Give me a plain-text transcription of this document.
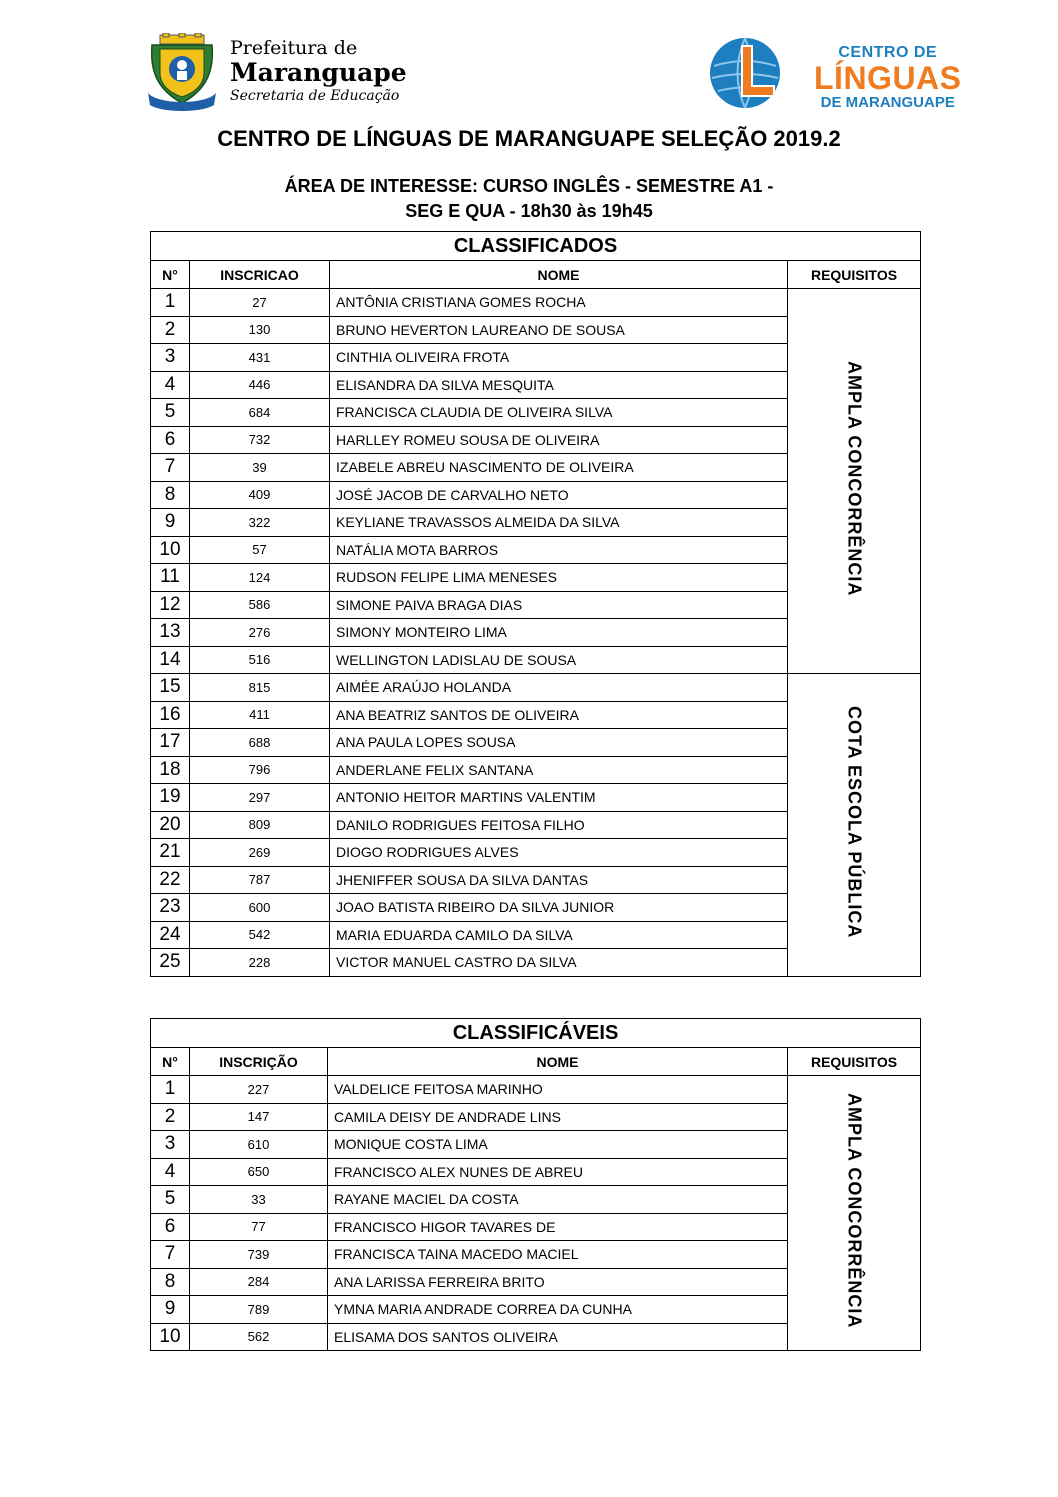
Prefeitura de
Maranguape
Secretaria de Educação
CENTRO DE
LÍNGUAS
DE MARANGUAPE
CENTRO DE LÍNGUAS DE MARANGUAPE SELEÇÃO 2019.2
ÁREA DE INTERESSE: CURSO INGLÊS - SEMESTRE A1 -
SEG E QUA - 18h30 às 19h45
CLASSIFICADOS			
N°	INSCRICAO	NOME	REQUISITOS
1	27	ANTÔNIA CRISTIANA GOMES ROCHA	AMPLA CONCORRÊNCIA
2	130	BRUNO HEVERTON LAUREANO DE SOUSA	
3	431	CINTHIA OLIVEIRA FROTA	
4	446	ELISANDRA DA SILVA MESQUITA	
5	684	FRANCISCA CLAUDIA DE OLIVEIRA SILVA	
6	732	HARLLEY ROMEU SOUSA DE OLIVEIRA	
7	39	IZABELE ABREU NASCIMENTO DE OLIVEIRA	
8	409	JOSÉ JACOB DE CARVALHO NETO	
9	322	KEYLIANE TRAVASSOS ALMEIDA DA SILVA	
10	57	NATÁLIA MOTA BARROS	
11	124	RUDSON FELIPE LIMA MENESES	
12	586	SIMONE PAIVA BRAGA DIAS	
13	276	SIMONY MONTEIRO LIMA	
14	516	WELLINGTON LADISLAU DE SOUSA	
15	815	AIMÉE ARAÚJO HOLANDA	COTA ESCOLA PÚBLICA
16	411	ANA BEATRIZ SANTOS DE OLIVEIRA	
17	688	ANA PAULA LOPES SOUSA	
18	796	ANDERLANE FELIX SANTANA	
19	297	ANTONIO HEITOR MARTINS VALENTIM	
20	809	DANILO RODRIGUES FEITOSA FILHO	
21	269	DIOGO RODRIGUES ALVES	
22	787	JHENIFFER SOUSA DA SILVA DANTAS	
23	600	JOAO BATISTA RIBEIRO DA SILVA JUNIOR	
24	542	MARIA EDUARDA CAMILO DA SILVA	
25	228	VICTOR MANUEL CASTRO DA SILVA	
CLASSIFICÁVEIS			
N°	INSCRIÇÃO	NOME	REQUISITOS
1	227	VALDELICE FEITOSA MARINHO	AMPLA CONCORRÊNCIA
2	147	CAMILA DEISY DE ANDRADE LINS	
3	610	MONIQUE COSTA LIMA	
4	650	FRANCISCO ALEX NUNES DE ABREU	
5	33	RAYANE MACIEL DA COSTA	
6	77	FRANCISCO HIGOR TAVARES DE	
7	739	FRANCISCA TAINA MACEDO MACIEL	
8	284	ANA LARISSA FERREIRA BRITO	
9	789	YMNA MARIA ANDRADE CORREA DA CUNHA	
10	562	ELISAMA DOS SANTOS OLIVEIRA	
